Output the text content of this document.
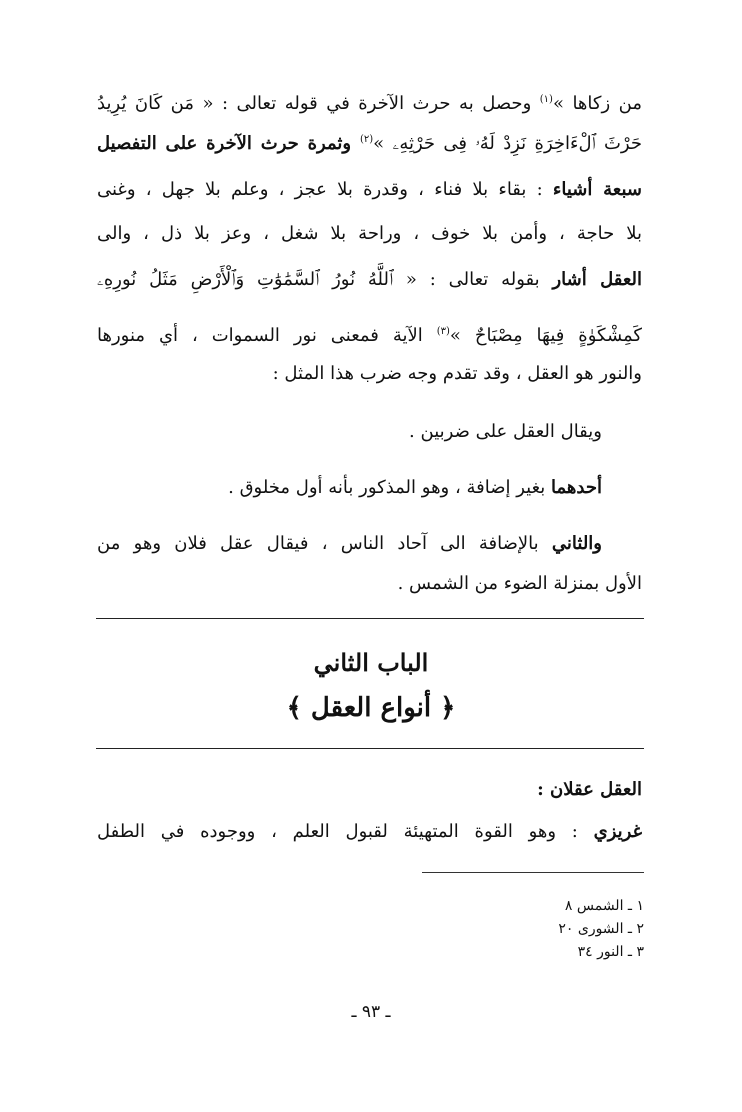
من زكاها »$^{(١)}$ وحصل به حرث الآخرة في قوله تعالى : « مَن كَانَ يُرِيدُ
حَرْثَ ٱلْءَاخِرَةِ نَزِدْ لَهُۥ فِى حَرْثِهِۦ »$^{(٢)}$ وثمرة حرث الآخرة على التفصيل
سبعة أشياء : بقاء بلا فناء ، وقدرة بلا عجز ، وعلم بلا جهل ، وغنى
بلا حاجة ، وأمن بلا خوف ، وراحة بلا شغل ، وعز بلا ذل ، والى
العقل أشار بقوله تعالى : « ٱللَّهُ نُورُ ٱلسَّمَٰوَٰتِ وَٱلْأَرْضِ مَثَلُ نُورِهِۦ
كَمِشْكَوٰةٍ فِيهَا مِصْبَاحٌ »$^{(٣)}$ الآية فمعنى نور السموات ، أي منورها
والنور هو العقل ، وقد تقدم وجه ضرب هذا المثل :
ويقال العقل على ضربين .
أحدهما بغير إضافة ، وهو المذكور بأنه أول مخلوق .
والثاني بالإضافة الى آحاد الناس ، فيقال عقل فلان وهو من
الأول بمنزلة الضوء من الشمس .
الباب الثاني
﴿ أنواع العقل ﴾
العقل عقلان :
غريزي : وهو القوة المتهيئة لقبول العلم ، ووجوده في الطفل
١ ـ الشمس ٨
٢ ـ الشورى ٢٠
٣ ـ النور ٣٤
ـ ٩٣ ـ
